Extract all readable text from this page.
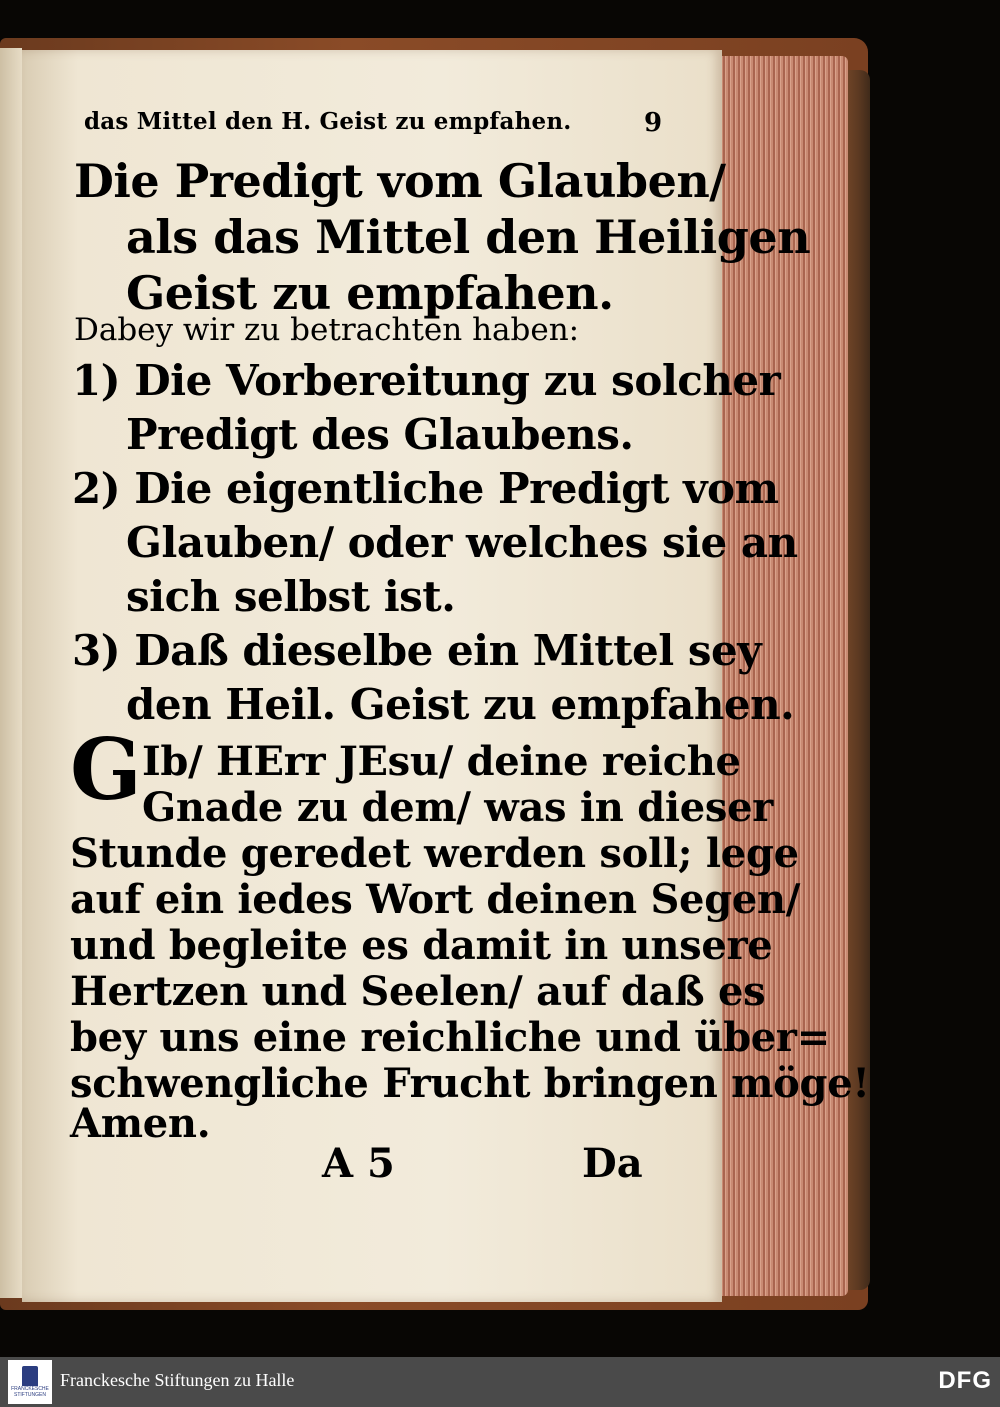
das Mittel den H. Geist zu empfahen.	9
Die Predigt vom Glauben/
als das Mittel den Heiligen
Geist zu empfahen.
Dabey wir zu betrachten haben:
1) Die Vorbereitung zu solcher
Predigt des Glaubens.
2) Die eigentliche Predigt vom
Glauben/ oder welches sie an
sich selbst ist.
3) Daß dieselbe ein Mittel sey
den Heil. Geist zu empfahen.
G Ib/ HErr JEsu/ deine reiche
Gnade zu dem/ was in dieser
Stunde geredet werden soll; lege
auf ein iedes Wort deinen Segen/
und begleite es damit in unsere
Hertzen und Seelen/ auf daß es
bey uns eine reichliche und über=
schwengliche Frucht bringen möge!
Amen.
A 5	Da
FRANCKESCHE STIFTUNGEN
Franckesche Stiftungen zu Halle	DFG
